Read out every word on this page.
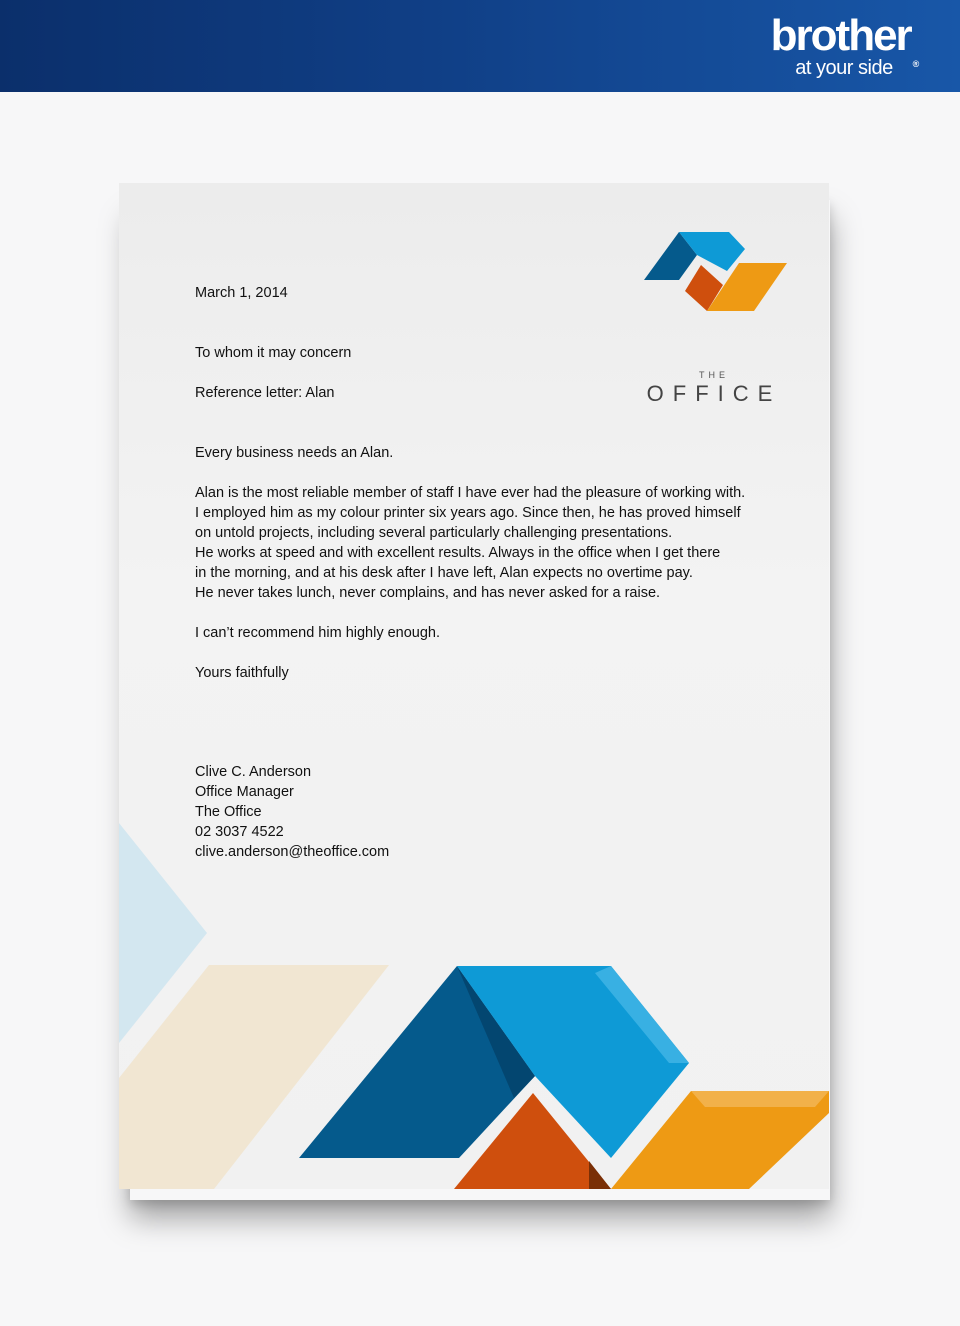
brother®
at your side
THE
OFFICE
March 1, 2014
To whom it may concern
Reference letter: Alan
Every business needs an Alan.
Alan is the most reliable member of staff I have ever had the pleasure of working with.
I employed him as my colour printer six years ago. Since then, he has proved himself
on untold projects, including several particularly challenging presentations.
He works at speed and with excellent results. Always in the office when I get there
in the morning, and at his desk after I have left, Alan expects no overtime pay.
He never takes lunch, never complains, and has never asked for a raise.
I can’t recommend him highly enough.
Yours faithfully
Clive C. Anderson
Office Manager
The Office
02 3037 4522
clive.anderson@theoffice.com
